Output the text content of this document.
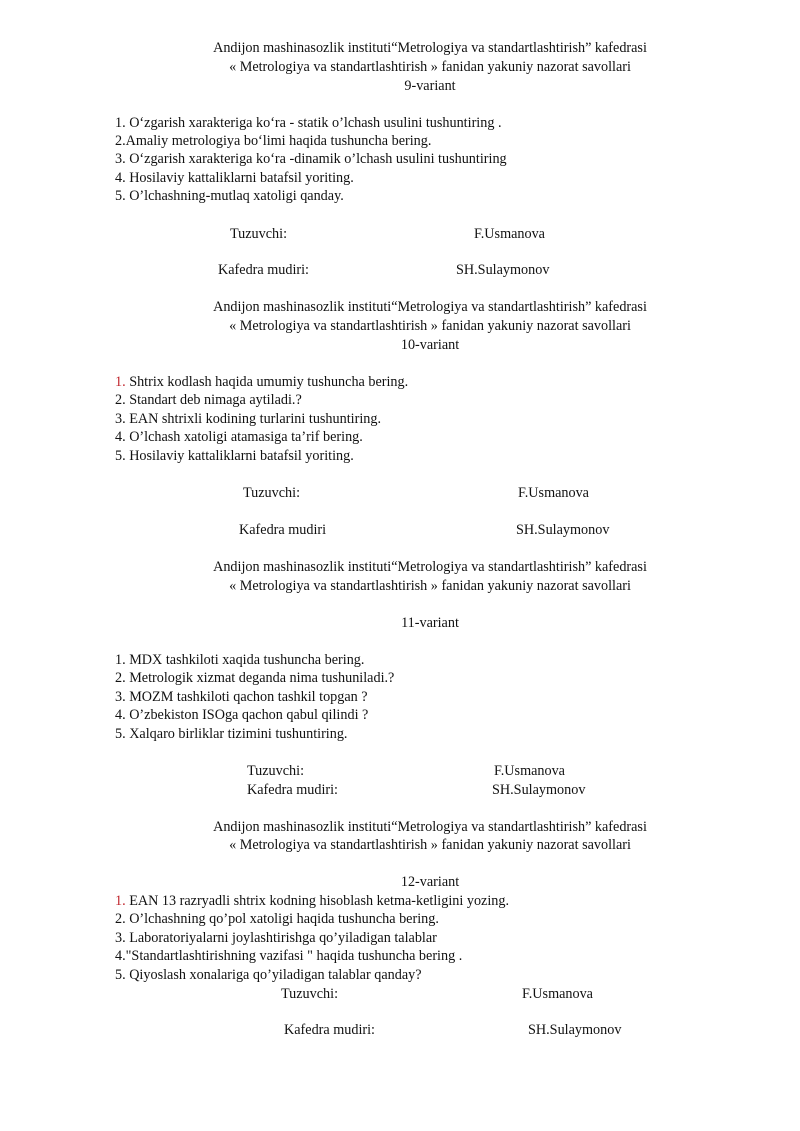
Andijon mashinasozlik instituti“Metrologiya va standartlashtirish” kafedrasi
« Metrologiya va standartlashtirish » fanidan yakuniy nazorat savollari
9-variant
1. O‘zgarish xarakteriga ko‘ra - statik o’lchash usulini tushuntiring .
2.Amaliy metrologiya bo‘limi haqida tushuncha bering.
3. O‘zgarish xarakteriga ko‘ra -dinamik o’lchash usulini tushuntiring
4. Hosilaviy kattaliklarni batafsil yoriting.
5. O’lchashning-mutlaq xatoligi qanday.
Tuzuvchi:	F.Usmanova
Kafedra mudiri:	SH.Sulaymonov
Andijon mashinasozlik instituti“Metrologiya va standartlashtirish” kafedrasi
« Metrologiya va standartlashtirish » fanidan yakuniy nazorat savollari
10-variant
1. Shtrix kodlash haqida umumiy tushuncha bering.
2. Standart deb nimaga aytiladi.?
3. EAN shtrixli kodining turlarini tushuntiring.
4. O’lchash xatoligi atamasiga ta’rif bering.
5. Hosilaviy kattaliklarni batafsil yoriting.
Tuzuvchi:	F.Usmanova
Kafedra mudiri	SH.Sulaymonov
Andijon mashinasozlik instituti“Metrologiya va standartlashtirish” kafedrasi
« Metrologiya va standartlashtirish » fanidan yakuniy nazorat savollari
11-variant
1. MDX tashkiloti xaqida tushuncha bering.
2. Metrologik xizmat deganda nima tushuniladi.?
3. MOZM tashkiloti qachon tashkil topgan ?
4. O’zbekiston ISOga qachon qabul qilindi ?
5. Xalqaro birliklar tizimini tushuntiring.
Tuzuvchi:	F.Usmanova
Kafedra mudiri:	SH.Sulaymonov
Andijon mashinasozlik instituti“Metrologiya va standartlashtirish” kafedrasi
« Metrologiya va standartlashtirish » fanidan yakuniy nazorat savollari
12-variant
1. EAN 13 razryadli shtrix kodning hisoblash ketma-ketligini yozing.
2. O’lchashning qo’pol xatoligi haqida tushuncha bering.
3. Laboratoriyalarni joylashtirishga qo’yiladigan talablar
4."Standartlashtirishning vazifasi " haqida tushuncha bering .
5. Qiyoslash xonalariga qo’yiladigan talablar qanday?
Tuzuvchi:	F.Usmanova
Kafedra mudiri:	SH.Sulaymonov
